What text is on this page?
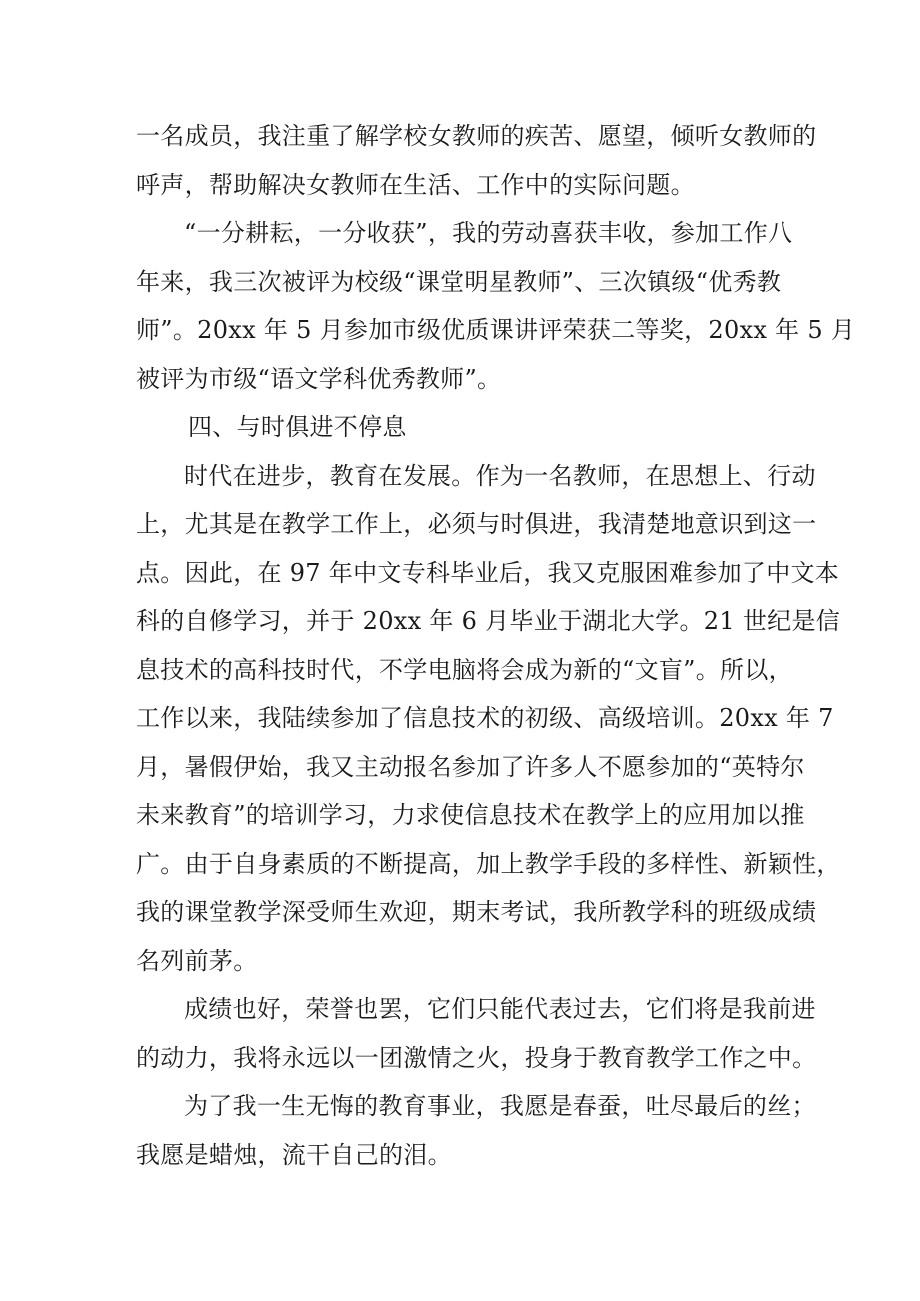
一名成员，我注重了解学校女教师的疾苦、愿望，倾听女教师的
呼声，帮助解决女教师在生活、工作中的实际问题。
“一分耕耘，一分收获”，我的劳动喜获丰收，参加工作八
年来，我三次被评为校级“课堂明星教师”、三次镇级“优秀教
师”。20xx 年 5 月参加市级优质课讲评荣获二等奖，20xx 年 5 月
被评为市级“语文学科优秀教师”。
四、与时俱进不停息
时代在进步，教育在发展。作为一名教师，在思想上、行动
上，尤其是在教学工作上，必须与时俱进，我清楚地意识到这一
点。因此，在 97 年中文专科毕业后，我又克服困难参加了中文本
科的自修学习，并于 20xx 年 6 月毕业于湖北大学。21 世纪是信
息技术的高科技时代，不学电脑将会成为新的“文盲”。所以，
工作以来，我陆续参加了信息技术的初级、高级培训。20xx 年 7
月，暑假伊始，我又主动报名参加了许多人不愿参加的“英特尔
未来教育”的培训学习，力求使信息技术在教学上的应用加以推
广。由于自身素质的不断提高，加上教学手段的多样性、新颖性，
我的课堂教学深受师生欢迎，期末考试，我所教学科的班级成绩
名列前茅。
成绩也好，荣誉也罢，它们只能代表过去，它们将是我前进
的动力，我将永远以一团激情之火，投身于教育教学工作之中。
为了我一生无悔的教育事业，我愿是春蚕，吐尽最后的丝；
我愿是蜡烛，流干自己的泪。
